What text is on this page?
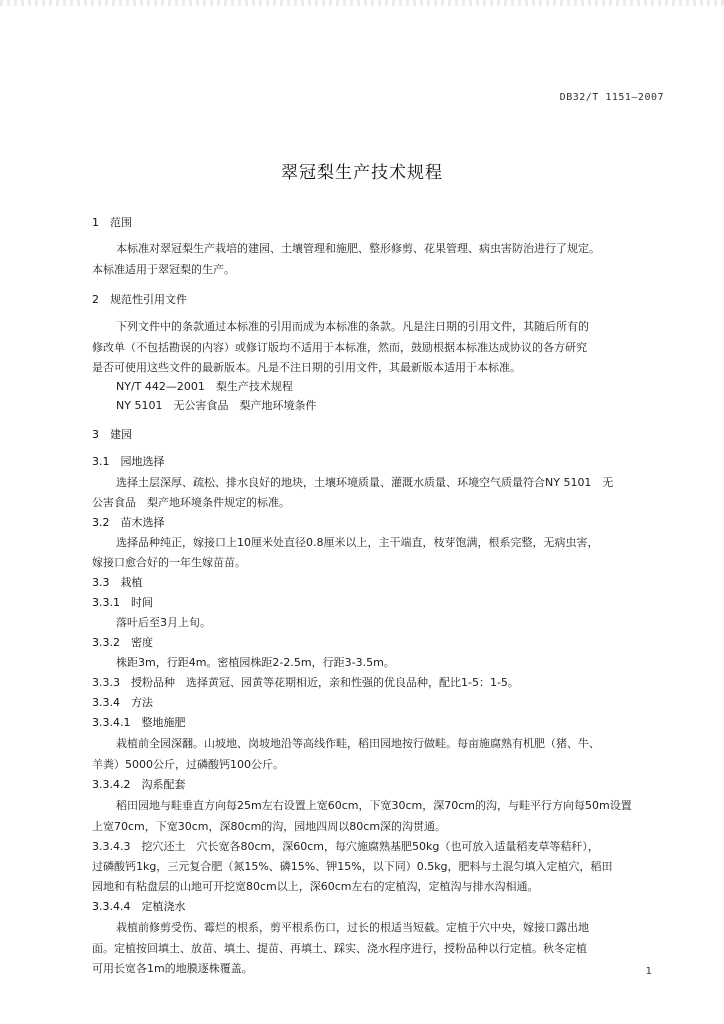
DB32/T 1151—2007
翠冠梨生产技术规程
1　范围
本标准对翠冠梨生产栽培的建园、土壤管理和施肥、整形修剪、花果管理、病虫害防治进行了规定。
本标准适用于翠冠梨的生产。
2　规范性引用文件
下列文件中的条款通过本标准的引用而成为本标准的条款。凡是注日期的引用文件，其随后所有的
修改单（不包括勘误的内容）或修订版均不适用于本标准，然而，鼓励根据本标准达成协议的各方研究
是否可使用这些文件的最新版本。凡是不注日期的引用文件，其最新版本适用于本标准。
NY/T 442—2001　梨生产技术规程
NY 5101　无公害食品　梨产地环境条件
3　建园
3.1　园地选择
选择土层深厚、疏松、排水良好的地块，土壤环境质量、灌溉水质量、环境空气质量符合NY 5101　无
公害食品　梨产地环境条件规定的标准。
3.2　苗木选择
选择品种纯正，嫁接口上10厘米处直径0.8厘米以上，主干端直，枝芽饱满，根系完整，无病虫害，
嫁接口愈合好的一年生嫁苗苗。
3.3　栽植
3.3.1　时间
落叶后至3月上旬。
3.3.2　密度
株距3m，行距4m。密植园株距2-2.5m，行距3-3.5m。
3.3.3　授粉品种　选择黄冠、园黄等花期相近，亲和性强的优良品种，配比1-5：1-5。
3.3.4　方法
3.3.4.1　整地施肥
栽植前全园深翻。山坡地、岗坡地沿等高线作畦，稻田园地按行做畦。每亩施腐熟有机肥（猪、牛、
羊粪）5000公斤，过磷酸钙100公斤。
3.3.4.2　沟系配套
稻田园地与畦垂直方向每25m左右设置上宽60cm，下宽30cm，深70cm的沟，与畦平行方向每50m设置
上宽70cm，下宽30cm，深80cm的沟，园地四周以80cm深的沟贯通。
3.3.4.3　挖穴还土　穴长宽各80cm，深60cm，每穴施腐熟基肥50kg（也可放入适量稻麦草等秸秆），
过磷酸钙1kg，三元复合肥（氮15%、磷15%、钾15%，以下同）0.5kg，肥料与土混匀填入定植穴，稻田
园地和有粘盘层的山地可开挖宽80cm以上，深60cm左右的定植沟，定植沟与排水沟相通。
3.3.4.4　定植浇水
栽植前修剪受伤、霉烂的根系，剪平根系伤口，过长的根适当短截。定植于穴中央，嫁接口露出地
面。定植按回填土、放苗、填土、提苗、再填土、踩实、浇水程序进行，授粉品种以行定植。秋冬定植
可用长宽各1m的地膜逐株覆盖。	1
